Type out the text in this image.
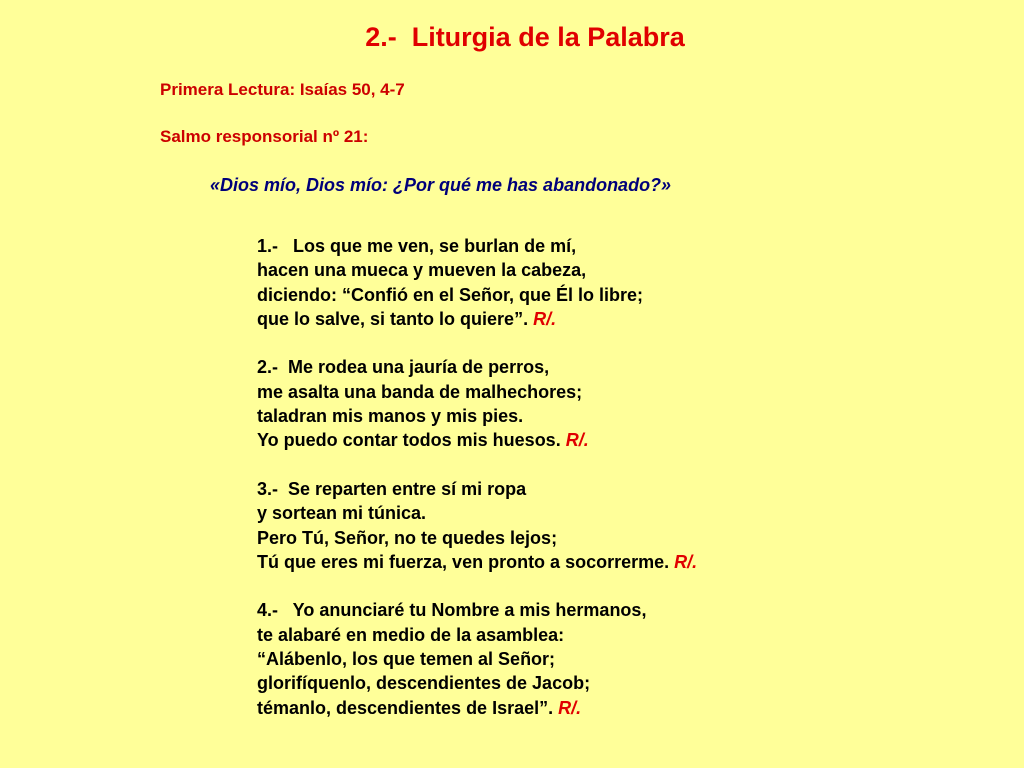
2.-  Liturgia de la Palabra
Primera Lectura: Isaías 50, 4-7
Salmo responsorial nº 21:
«Dios mío, Dios mío: ¿Por qué me has abandonado?»
1.-   Los que me ven, se burlan de mí,
hacen una mueca y mueven la cabeza,
diciendo: “Confió en el Señor, que Él lo libre;
que lo salve, si tanto lo quiere”. R/.
2.-  Me rodea una jauría de perros,
me asalta una banda de malhechores;
taladran mis manos y mis pies.
Yo puedo contar todos mis huesos. R/.
3.-  Se reparten entre sí mi ropa
y sortean mi túnica.
Pero Tú, Señor, no te quedes lejos;
Tú que eres mi fuerza, ven pronto a socorrerme. R/.
4.-   Yo anunciaré tu Nombre a mis hermanos,
te alabaré en medio de la asamblea:
“Alábenlo, los que temen al Señor;
glorifíquenlo, descendientes de Jacob;
témanlo, descendientes de Israel”. R/.
